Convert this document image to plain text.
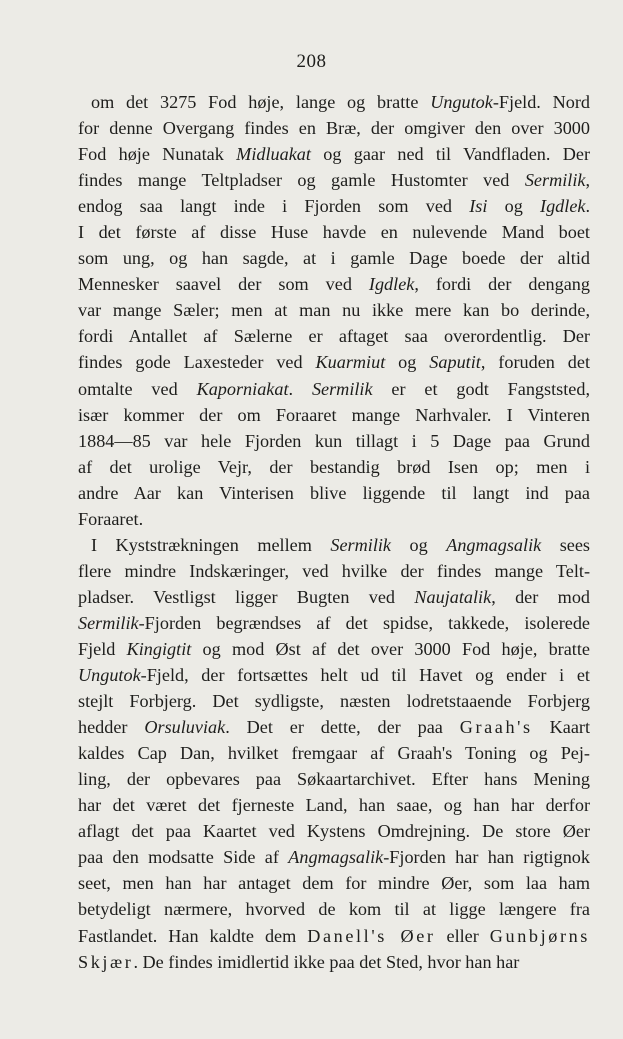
208
om det 3275 Fod høje, lange og bratte Ungutok-Fjeld. Nord
for denne Overgang findes en Bræ, der omgiver den over 3000
Fod høje Nunatak Midluakat og gaar ned til Vandfladen. Der
findes mange Teltpladser og gamle Hustomter ved Sermilik,
endog saa langt inde i Fjorden som ved Isi og Igdlek.
I det første af disse Huse havde en nulevende Mand boet
som ung, og han sagde, at i gamle Dage boede der altid
Mennesker saavel der som ved Igdlek, fordi der dengang
var mange Sæler; men at man nu ikke mere kan bo derinde,
fordi Antallet af Sælerne er aftaget saa overordentlig. Der
findes gode Laxesteder ved Kuarmiut og Saputit, foruden det
omtalte ved Kaporniakat. Sermilik er et godt Fangststed,
især kommer der om Foraaret mange Narhvaler. I Vinteren
1884—85 var hele Fjorden kun tillagt i 5 Dage paa Grund
af det urolige Vejr, der bestandig brød Isen op; men i
andre Aar kan Vinterisen blive liggende til langt ind paa
Foraaret.
I Kyststrækningen mellem Sermilik og Angmagsalik sees
flere mindre Indskæringer, ved hvilke der findes mange Telt-
pladser. Vestligst ligger Bugten ved Naujatalik, der mod
Sermilik-Fjorden begrændses af det spidse, takkede, isolerede
Fjeld Kingigtit og mod Øst af det over 3000 Fod høje, bratte
Ungutok-Fjeld, der fortsættes helt ud til Havet og ender i et
stejlt Forbjerg. Det sydligste, næsten lodretstaaende Forbjerg
hedder Orsuluviak. Det er dette, der paa Graah's Kaart
kaldes Cap Dan, hvilket fremgaar af Graah's Toning og Pej-
ling, der opbevares paa Søkaartarchivet. Efter hans Mening
har det været det fjerneste Land, han saae, og han har derfor
aflagt det paa Kaartet ved Kystens Omdrejning. De store Øer
paa den modsatte Side af Angmagsalik-Fjorden har han rigtignok
seet, men han har antaget dem for mindre Øer, som laa ham
betydeligt nærmere, hvorved de kom til at ligge længere fra
Fastlandet. Han kaldte dem Danell's Øer eller Gunbjørns
Skjær. De findes imidlertid ikke paa det Sted, hvor han har
